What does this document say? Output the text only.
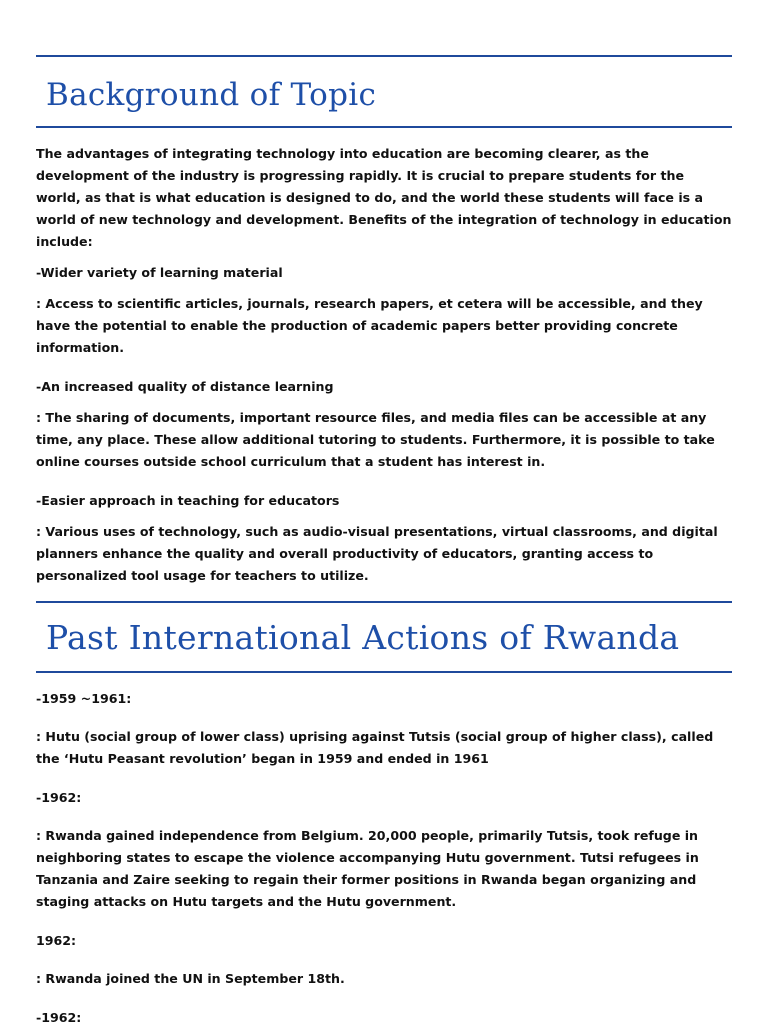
Background of Topic

The advantages of integrating technology into education are becoming clearer, as the development of the industry is progressing rapidly. It is crucial to prepare students for the world, as that is what education is designed to do, and the world these students will face is a world of new technology and development. Benefits of the integration of technology in education include:

-Wider variety of learning material

: Access to scientific articles, journals, research papers, et cetera will be accessible, and they have the potential to enable the production of academic papers better providing concrete information.

-An increased quality of distance learning

: The sharing of documents, important resource files, and media files can be accessible at any time, any place. These allow additional tutoring to students. Furthermore, it is possible to take online courses outside school curriculum that a student has interest in.

-Easier approach in teaching for educators

: Various uses of technology, such as audio-visual presentations, virtual classrooms, and digital planners enhance the quality and overall productivity of educators, granting access to personalized tool usage for teachers to utilize.

Past International Actions of Rwanda

-1959 ~1961:

: Hutu (social group of lower class) uprising against Tutsis (social group of higher class), called the ‘Hutu Peasant revolution’ began in 1959 and ended in 1961

-1962:

: Rwanda gained independence from Belgium. 20,000 people, primarily Tutsis, took refuge in neighboring states to escape the violence accompanying Hutu government. Tutsi refugees in Tanzania and Zaire seeking to regain their former positions in Rwanda began organizing and staging attacks on Hutu targets and the Hutu government.

1962:

: Rwanda joined the UN in September 18th.

-1962:
